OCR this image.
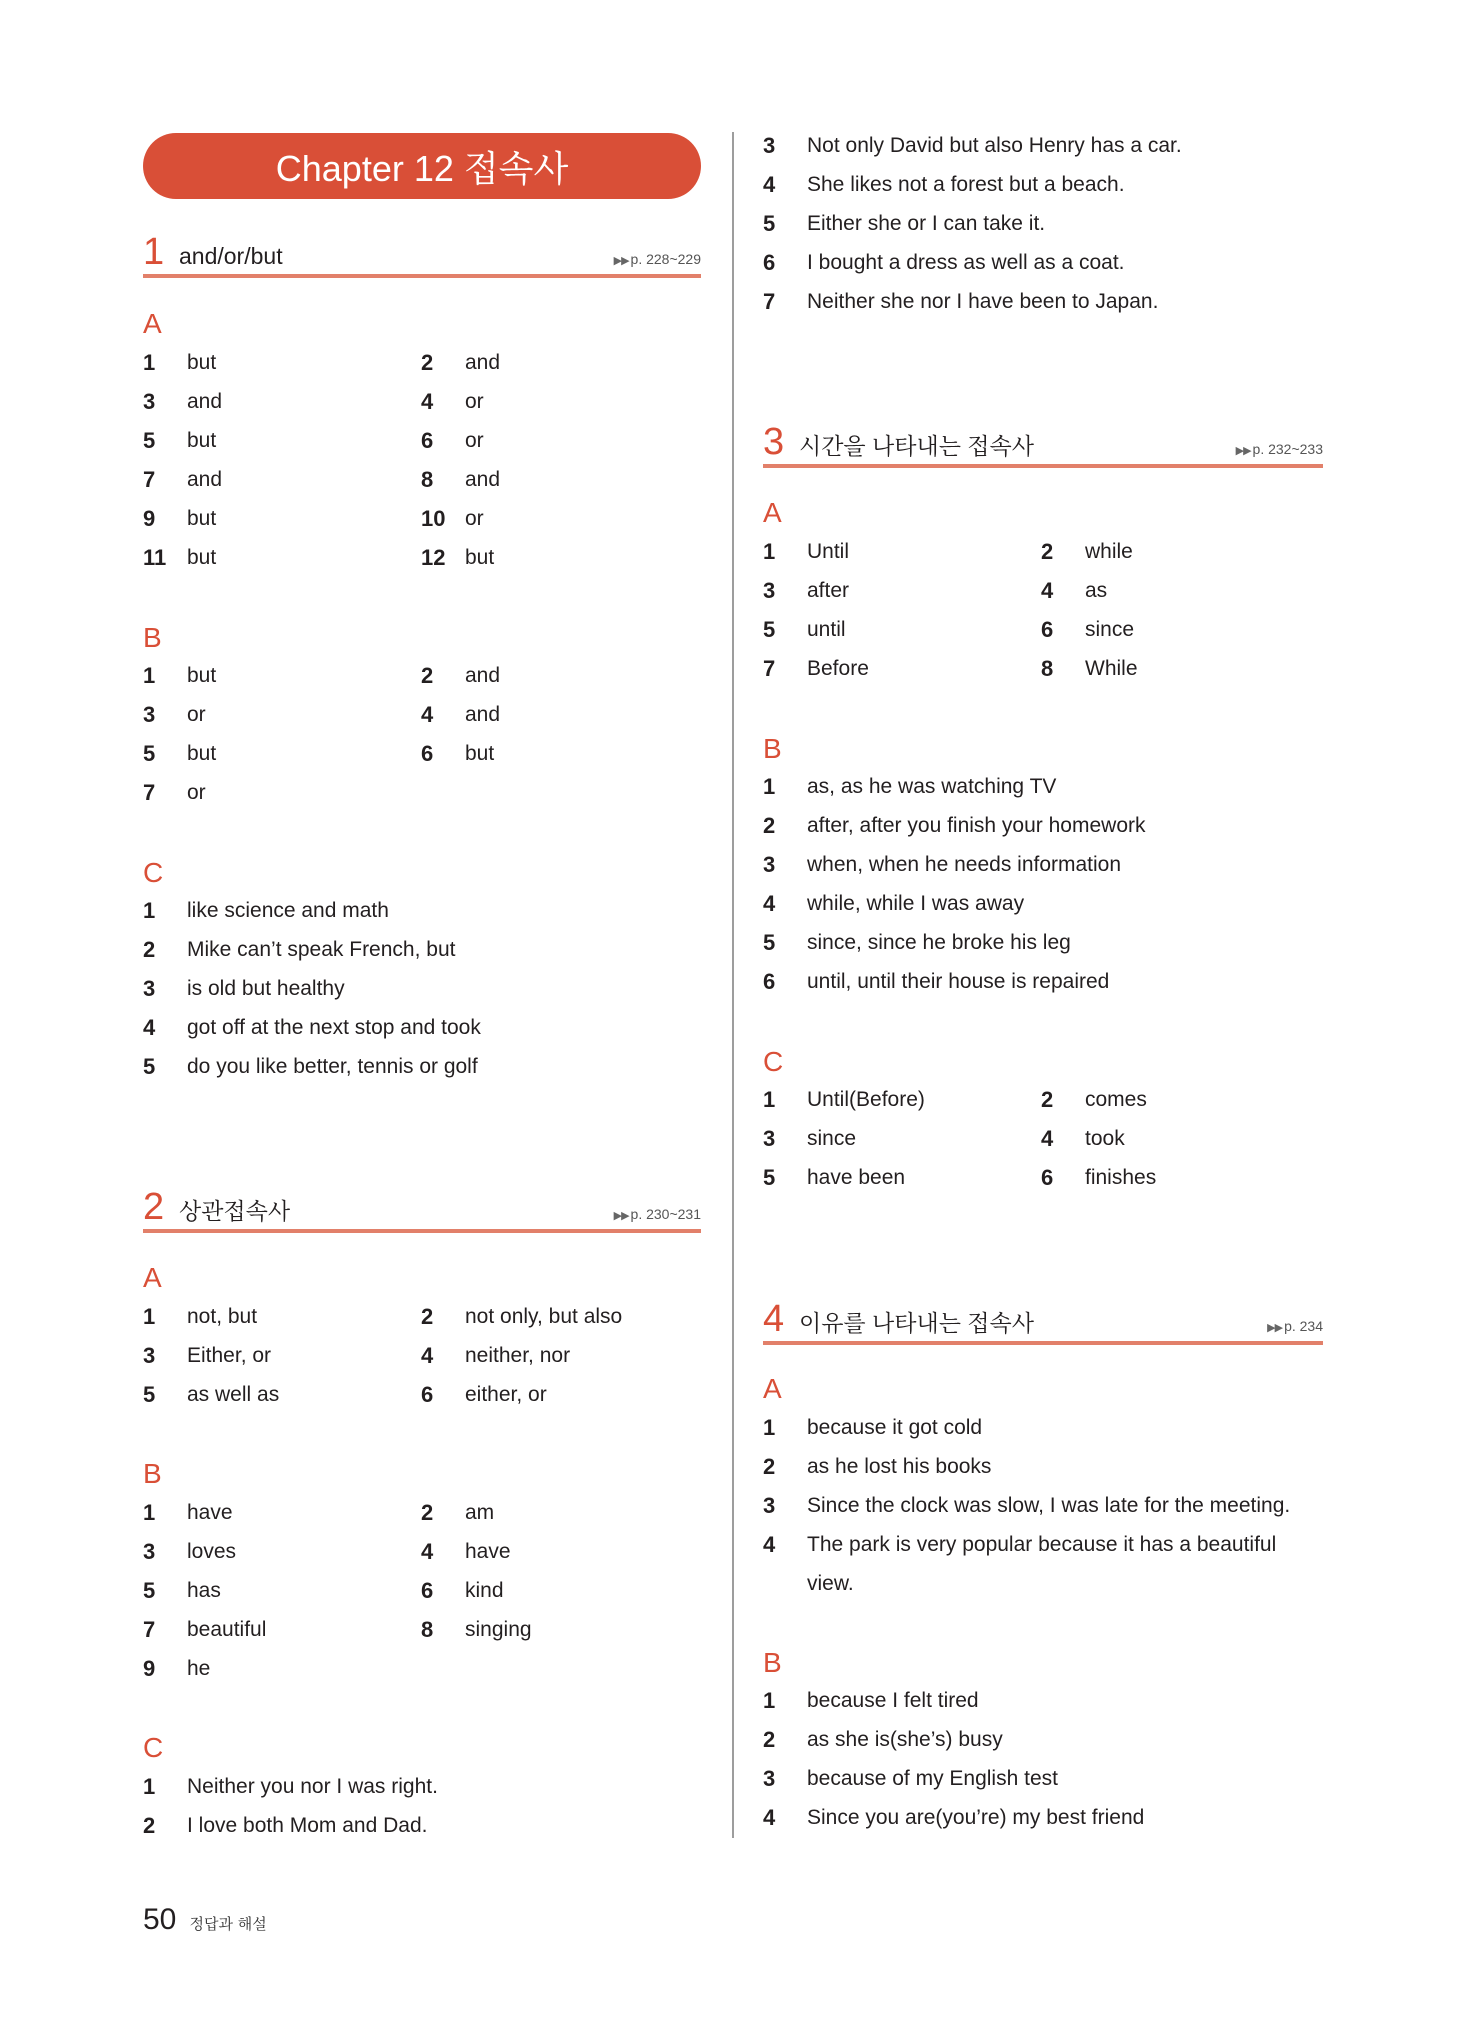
Chapter 12 접속사
1 and/or/but	▶▶ p. 228~229
A
1 but	2 and
3 and	4 or
5 but	6 or
7 and	8 and
9 but	10 or
11 but	12 but
B
1 but	2 and
3 or	4 and
5 but	6 but
7 or
C
1 like science and math
2 Mike can’t speak French, but
3 is old but healthy
4 got off at the next stop and took
5 do you like better, tennis or golf
2 상관접속사	▶▶ p. 230~231
A
1 not, but	2 not only, but also
3 Either, or	4 neither, nor
5 as well as	6 either, or
B
1 have	2 am
3 loves	4 have
5 has	6 kind
7 beautiful	8 singing
9 he
C
1 Neither you nor I was right.
2 I love both Mom and Dad.
3 Not only David but also Henry has a car.
4 She likes not a forest but a beach.
5 Either she or I can take it.
6 I bought a dress as well as a coat.
7 Neither she nor I have been to Japan.
3 시간을 나타내는 접속사	▶▶ p. 232~233
A
1 Until	2 while
3 after	4 as
5 until	6 since
7 Before	8 While
B
1 as, as he was watching TV
2 after, after you finish your homework
3 when, when he needs information
4 while, while I was away
5 since, since he broke his leg
6 until, until their house is repaired
C
1 Until(Before)	2 comes
3 since	4 took
5 have been	6 finishes
4 이유를 나타내는 접속사	▶▶ p. 234
A
1 because it got cold
2 as he lost his books
3 Since the clock was slow, I was late for the meeting.
4 The park is very popular because it has a beautiful
view.
B
1 because I felt tired
2 as she is(she’s) busy
3 because of my English test
4 Since you are(you’re) my best friend
50 정답과 해설
